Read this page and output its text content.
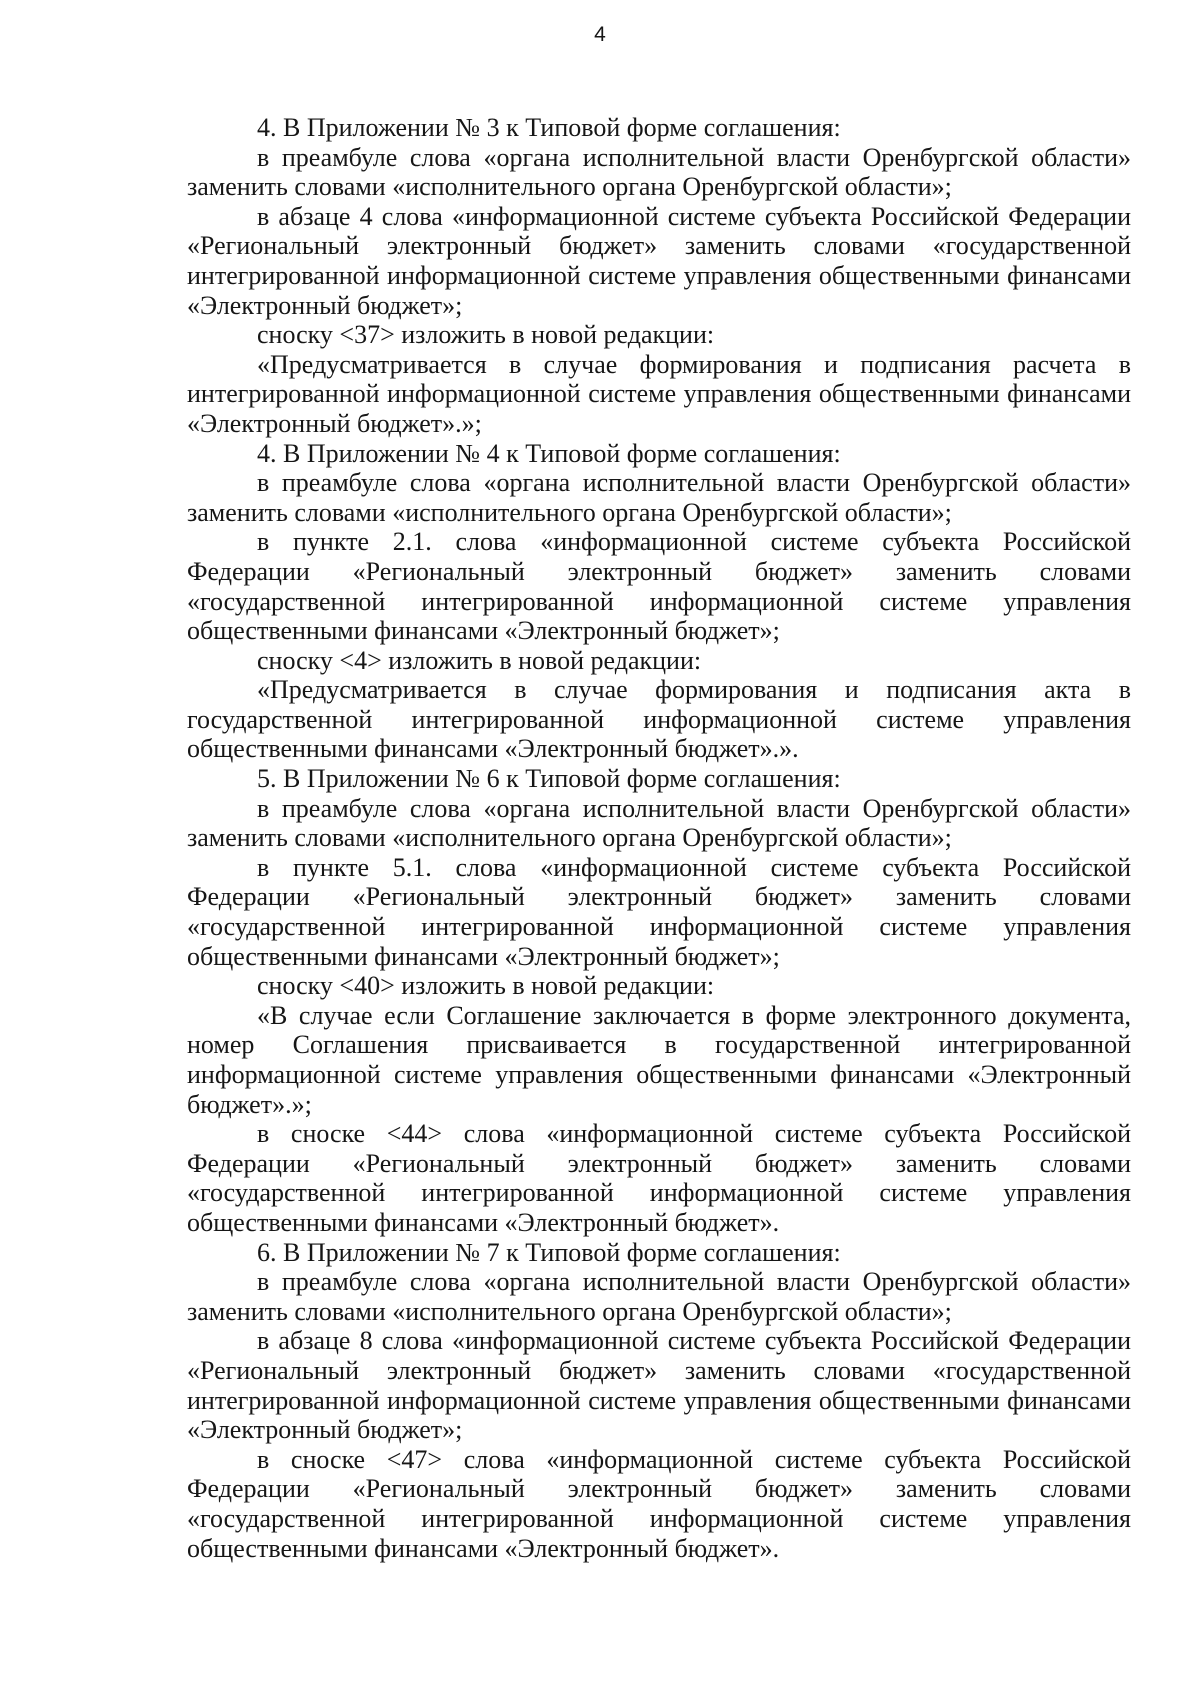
4

4. В Приложении № 3 к Типовой форме соглашения:

в преамбуле слова «органа исполнительной власти Оренбургской области» заменить словами «исполнительного органа Оренбургской области»;

в абзаце 4 слова «информационной системе субъекта Российской Федерации «Региональный электронный бюджет» заменить словами «государственной интегрированной информационной системе управления общественными финансами «Электронный бюджет»;

сноску <37> изложить в новой редакции:

«Предусматривается в случае формирования и подписания расчета в интегрированной информационной системе управления общественными финансами «Электронный бюджет».»;

4. В Приложении № 4 к Типовой форме соглашения:

в преамбуле слова «органа исполнительной власти Оренбургской области» заменить словами «исполнительного органа Оренбургской области»;

в пункте 2.1. слова «информационной системе субъекта Российской Федерации «Региональный электронный бюджет» заменить словами «государственной интегрированной информационной системе управления общественными финансами «Электронный бюджет»;

сноску <4> изложить в новой редакции:

«Предусматривается в случае формирования и подписания акта в государственной интегрированной информационной системе управления общественными финансами «Электронный бюджет».».

5. В Приложении № 6 к Типовой форме соглашения:

в преамбуле слова «органа исполнительной власти Оренбургской области» заменить словами «исполнительного органа Оренбургской области»;

в пункте 5.1. слова «информационной системе субъекта Российской Федерации «Региональный электронный бюджет» заменить словами «государственной интегрированной информационной системе управления общественными финансами «Электронный бюджет»;

сноску <40> изложить в новой редакции:

«В случае если Соглашение заключается в форме электронного документа, номер Соглашения присваивается в государственной интегрированной информационной системе управления общественными финансами «Электронный бюджет».»;

в сноске <44> слова «информационной системе субъекта Российской Федерации «Региональный электронный бюджет» заменить словами «государственной интегрированной информационной системе управления общественными финансами «Электронный бюджет».

6. В Приложении № 7 к Типовой форме соглашения:

в преамбуле слова «органа исполнительной власти Оренбургской области» заменить словами «исполнительного органа Оренбургской области»;

в абзаце 8 слова «информационной системе субъекта Российской Федерации «Региональный электронный бюджет» заменить словами «государственной интегрированной информационной системе управления общественными финансами «Электронный бюджет»;

в сноске <47> слова «информационной системе субъекта Российской Федерации «Региональный электронный бюджет» заменить словами «государственной интегрированной информационной системе управления общественными финансами «Электронный бюджет».
